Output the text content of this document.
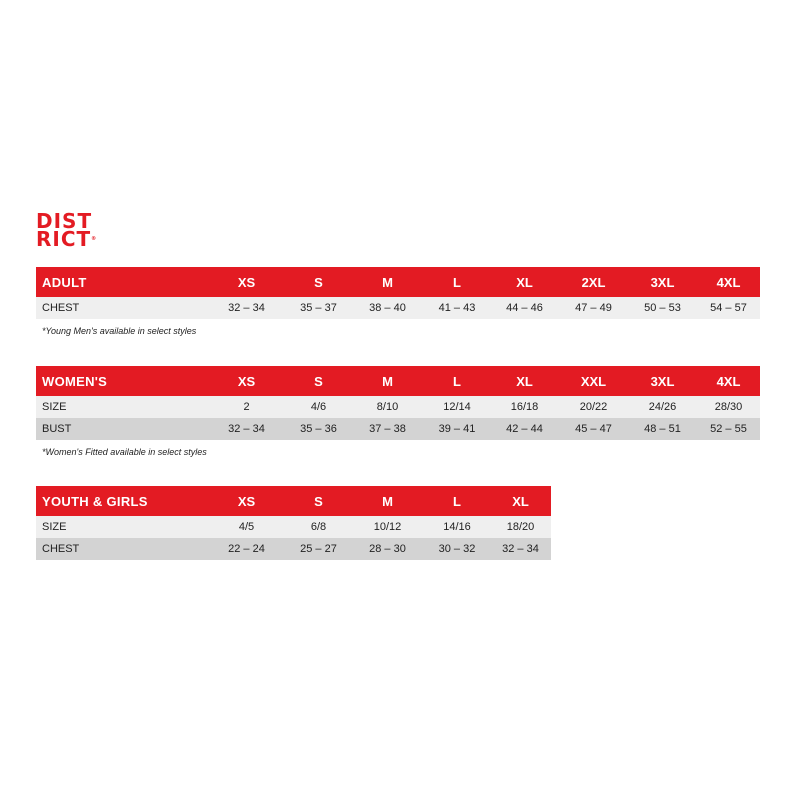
DIST
RICT®
ADULT	XS	S	M	L	XL	2XL	3XL	4XL
CHEST	32 – 34	35 – 37	38 – 40	41 – 43	44 – 46	47 – 49	50 – 53	54 – 57
*Young Men's available in select styles
WOMEN'S	XS	S	M	L	XL	XXL	3XL	4XL
SIZE	2	4/6	8/10	12/14	16/18	20/22	24/26	28/30
BUST	32 – 34	35 – 36	37 – 38	39 – 41	42 – 44	45 – 47	48 – 51	52 – 55
*Women's Fitted available in select styles
YOUTH & GIRLS	XS	S	M	L	XL
SIZE	4/5	6/8	10/12	14/16	18/20
CHEST	22 – 24	25 – 27	28 – 30	30 – 32	32 – 34
